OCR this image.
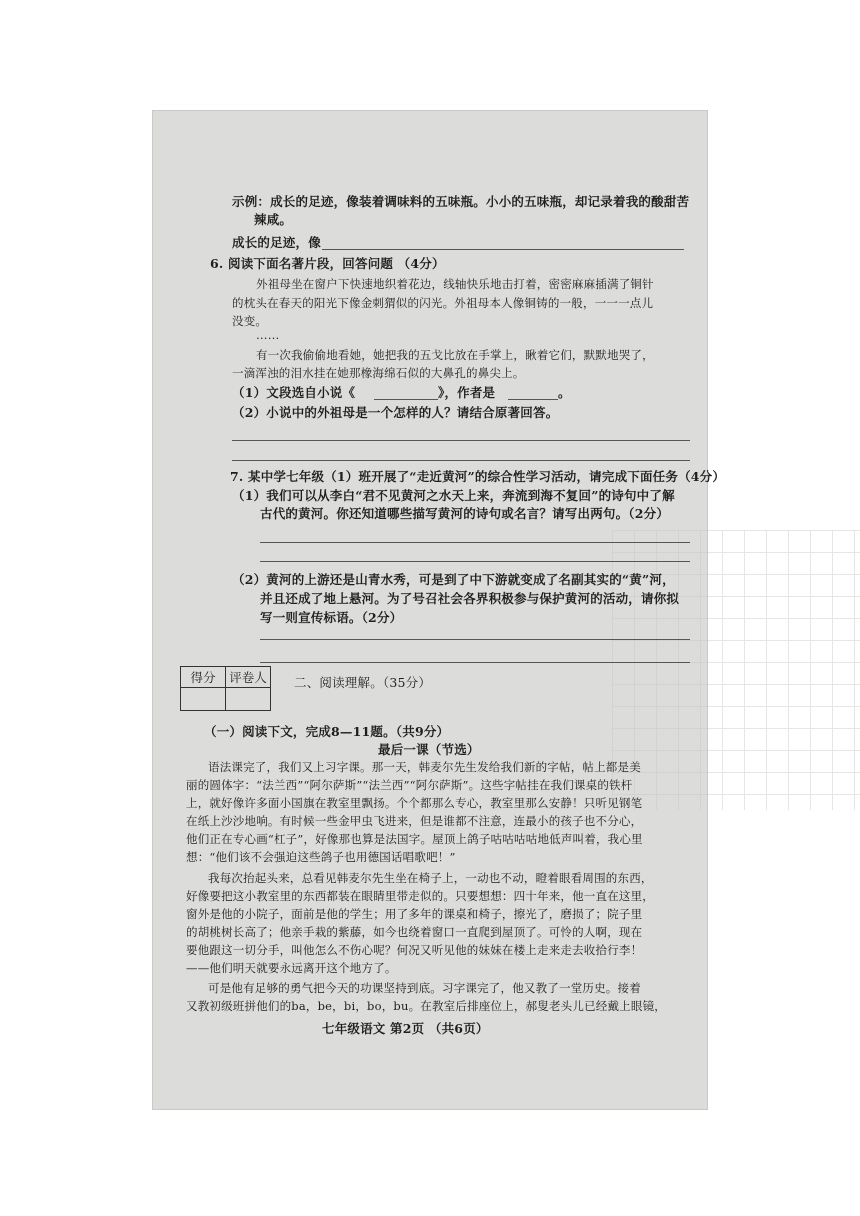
示例：成长的足迹，像装着调味料的五味瓶。小小的五味瓶，却记录着我的酸甜苦
辣咸。
成长的足迹，像
6. 阅读下面名著片段，回答问题 （4分）
外祖母坐在窗户下快速地织着花边，线轴快乐地击打着，密密麻麻插满了铜针
的枕头在春天的阳光下像金刺猬似的闪光。外祖母本人像铜铸的一般，一一一点儿
没变。
……
有一次我偷偷地看她，她把我的五戈比放在手掌上，瞅着它们，默默地哭了，
一滴浑浊的泪水挂在她那橡海绵石似的大鼻孔的鼻尖上。
（1）文段选自小说《	》，作者是	。
（2）小说中的外祖母是一个怎样的人？请结合原著回答。
7. 某中学七年级（1）班开展了“走近黄河”的综合性学习活动，请完成下面任务（4分）
（1）我们可以从李白“君不见黄河之水天上来，奔流到海不复回”的诗句中了解
古代的黄河。你还知道哪些描写黄河的诗句或名言？请写出两句。（2分）
（2）黄河的上游还是山青水秀，可是到了中下游就变成了名副其实的“黄”河，
并且还成了地上悬河。为了号召社会各界积极参与保护黄河的活动，请你拟
写一则宣传标语。（2分）
得分	评卷人
	二、阅读理解。（35分）
（一）阅读下文，完成8—11题。（共9分）
最后一课（节选）
语法课完了，我们又上习字课。那一天，韩麦尔先生发给我们新的字帖，帖上都是美
丽的圆体字：“法兰西”“阿尔萨斯”“法兰西”“阿尔萨斯”。这些字帖挂在我们课桌的铁杆
上，就好像许多面小国旗在教室里飘扬。个个都那么专心，教室里那么安静！只听见钢笔
在纸上沙沙地响。有时候一些金甲虫飞进来，但是谁都不注意，连最小的孩子也不分心，
他们正在专心画“杠子”，好像那也算是法国字。屋顶上鸽子咕咕咕咕地低声叫着，我心里
想：“他们该不会强迫这些鸽子也用德国话唱歌吧！”
我每次抬起头来，总看见韩麦尔先生坐在椅子上，一动也不动，瞪着眼看周围的东西，
好像要把这小教室里的东西都装在眼睛里带走似的。只要想想：四十年来，他一直在这里，
窗外是他的小院子，面前是他的学生；用了多年的课桌和椅子，擦光了，磨损了；院子里
的胡桃树长高了；他亲手栽的紫藤，如今也绕着窗口一直爬到屋顶了。可怜的人啊，现在
要他跟这一切分手，叫他怎么不伤心呢？何况又听见他的妹妹在楼上走来走去收拾行李！
——他们明天就要永远离开这个地方了。
可是他有足够的勇气把今天的功课坚持到底。习字课完了，他又教了一堂历史。接着
又教初级班拼他们的ba，be，bi，bo，bu。在教室后排座位上，郝叟老头儿已经戴上眼镜，
七年级语文 第2页 （共6页）
